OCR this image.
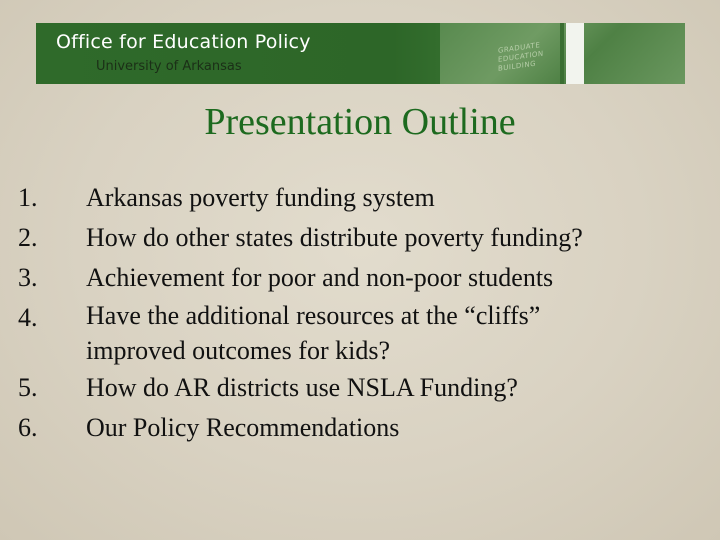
GRADUATE EDUCATION BUILDING
Office for Education Policy
University of Arkansas
Presentation Outline
1. Arkansas poverty funding system
2. How do other states distribute poverty funding?
3. Achievement for poor and non-poor students
4. Have the additional resources at the “cliffs”
improved outcomes for kids?
5. How do AR districts use NSLA Funding?
6. Our Policy Recommendations
